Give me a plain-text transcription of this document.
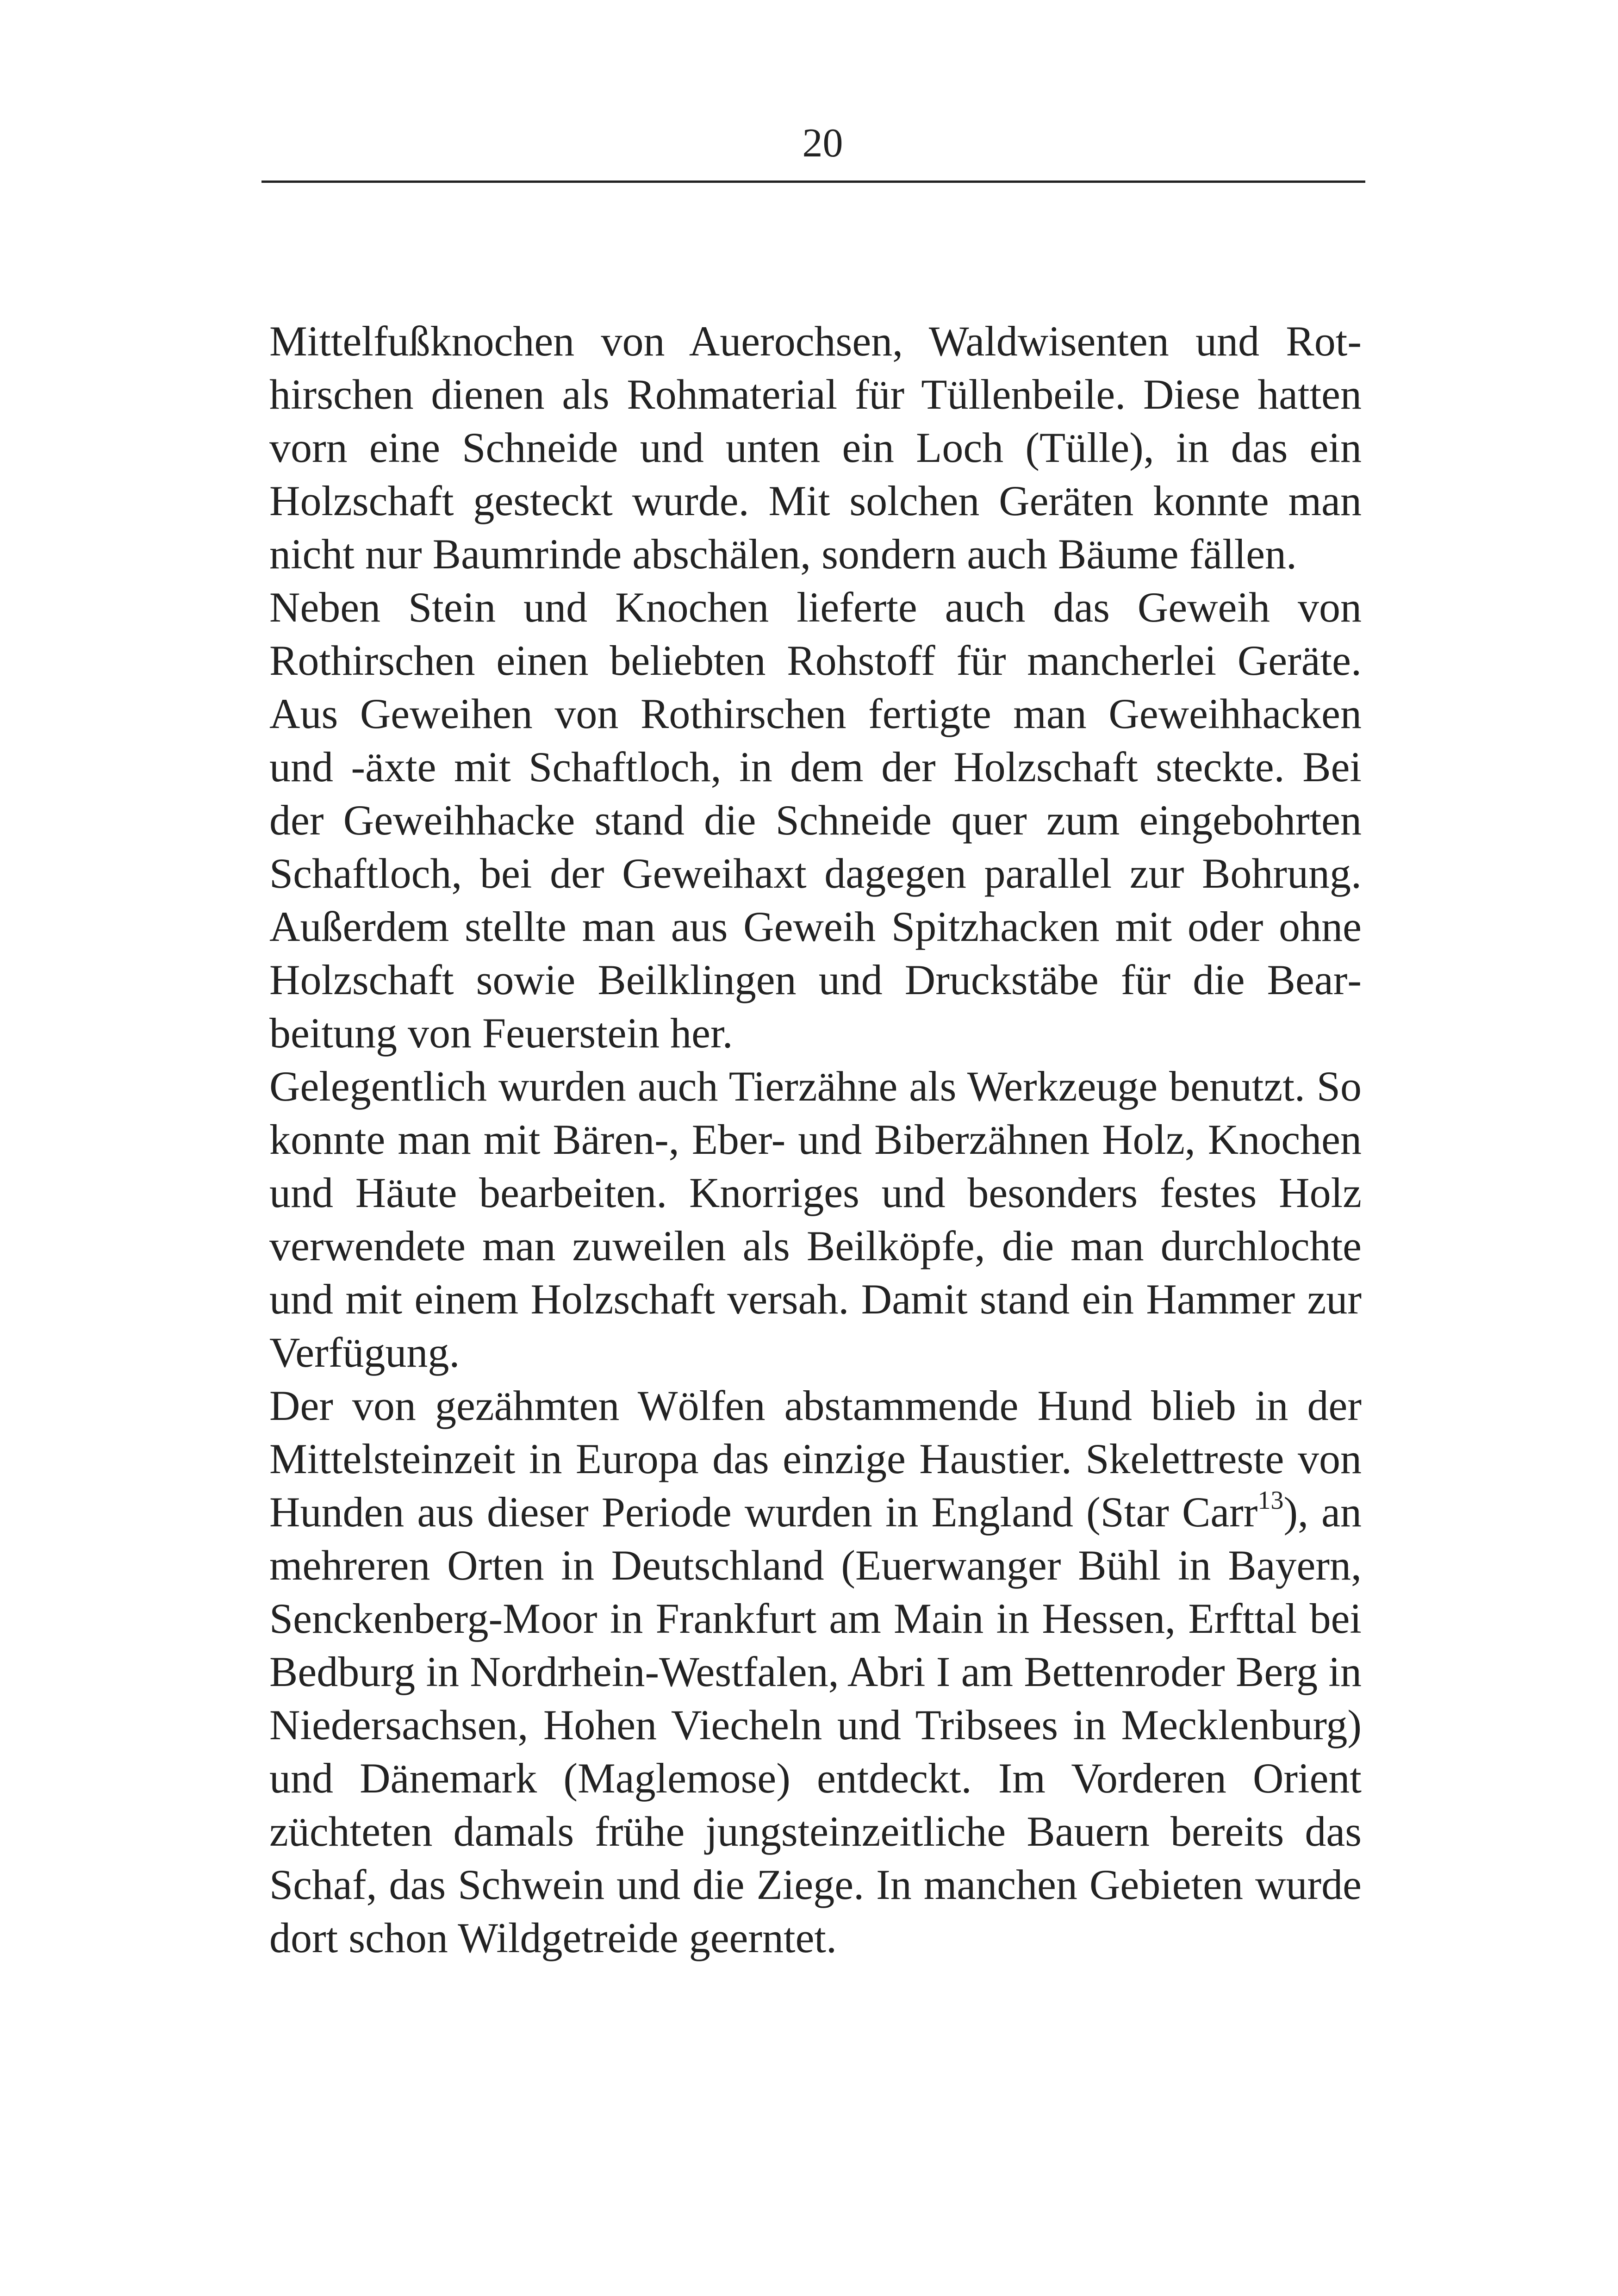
20

Mittelfußknochen von Auerochsen, Waldwisenten und Rothirschen dienen als Rohmaterial für Tüllenbeile. Diese hatten vorn eine Schneide und unten ein Loch (Tülle), in das ein Holzschaft gesteckt wurde. Mit solchen Geräten konnte man nicht nur Baumrinde abschälen, sondern auch Bäume fällen.

Neben Stein und Knochen lieferte auch das Geweih von Rothirschen einen beliebten Rohstoff für mancherlei Geräte. Aus Geweihen von Rothirschen fertigte man Geweihhacken und -äxte mit Schaftloch, in dem der Holzschaft steckte. Bei der Geweihhacke stand die Schneide quer zum eingebohrten Schaftloch, bei der Geweihaxt dagegen parallel zur Bohrung. Außerdem stellte man aus Geweih Spitzhacken mit oder ohne Holzschaft sowie Beilklingen und Druckstäbe für die Bearbeitung von Feuerstein her.

Gelegentlich wurden auch Tierzähne als Werkzeuge benutzt. So konnte man mit Bären-, Eber- und Biberzähnen Holz, Knochen und Häute bearbeiten. Knorriges und besonders festes Holz verwendete man zuweilen als Beilköpfe, die man durchlochte und mit einem Holzschaft versah. Damit stand ein Hammer zur Verfügung.

Der von gezähmten Wölfen abstammende Hund blieb in der Mittelsteinzeit in Europa das einzige Haustier. Skelettreste von Hunden aus dieser Periode wurden in England (Star Carr$^{13}$), an mehreren Orten in Deutschland (Euerwanger Bühl in Bayern, Senckenberg-Moor in Frankfurt am Main in Hessen, Erfttal bei Bedburg in Nordrhein-Westfalen, Abri I am Bettenroder Berg in Niedersachsen, Hohen Viecheln und Tribsees in Mecklenburg) und Dänemark (Maglemose) entdeckt. Im Vorderen Orient züchteten damals frühe jungsteinzeitliche Bauern bereits das Schaf, das Schwein und die Ziege. In manchen Gebieten wurde dort schon Wildgetreide geerntet.
